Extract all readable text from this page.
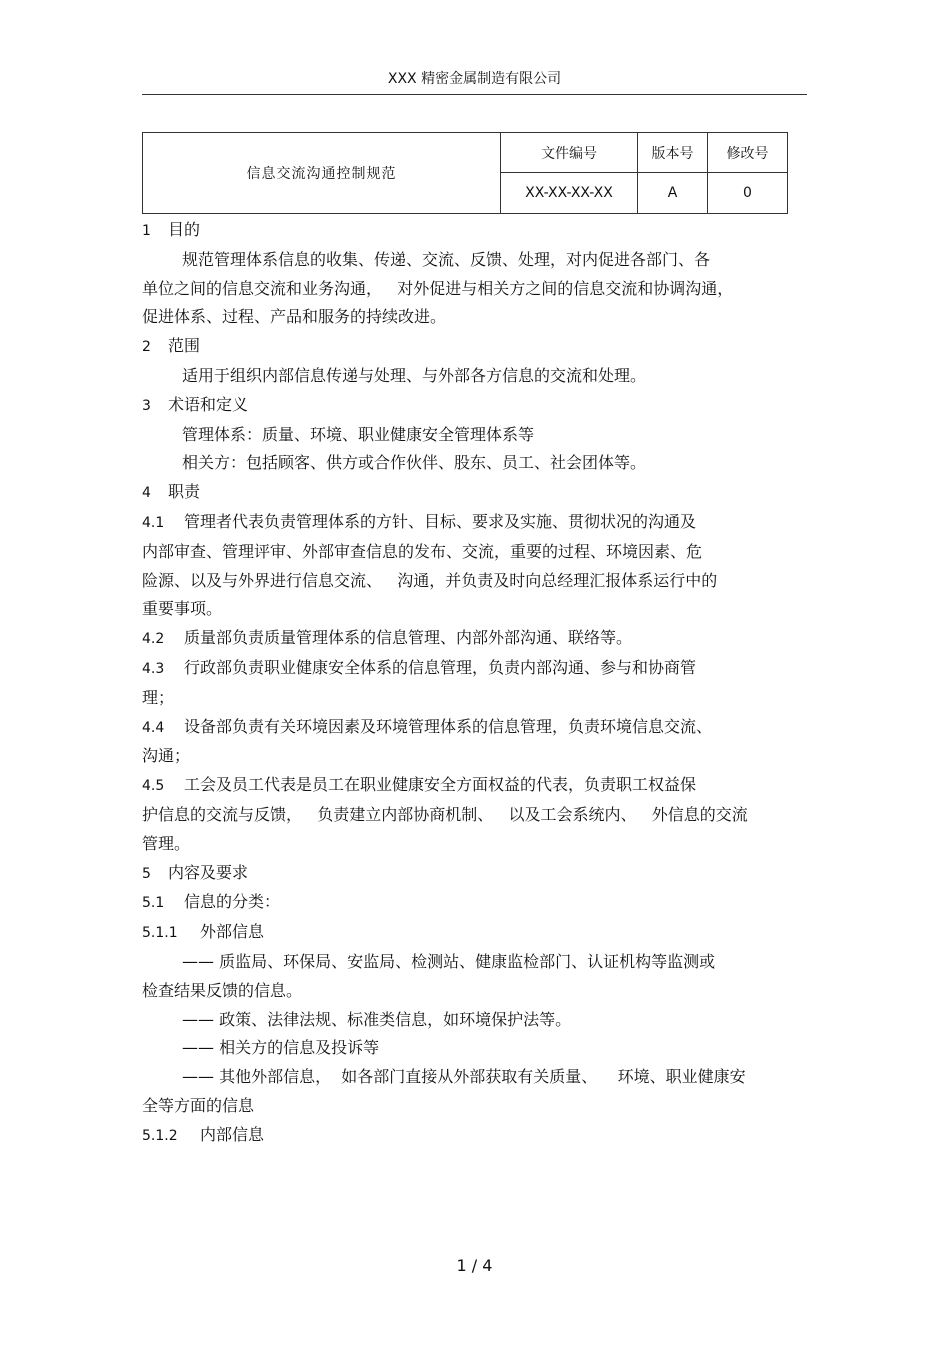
XXX 精密金属制造有限公司
信息交流沟通控制规范	文件编号	版本号	修改号
	XX-XX-XX-XX	A	0
1 目的
规范管理体系信息的收集、传递、交流、反馈、处理，对内促进各部门、各
单位之间的信息交流和业务沟通，   对外促进与相关方之间的信息交流和协调沟通，
促进体系、过程、产品和服务的持续改进。
2 范围
适用于组织内部信息传递与处理、与外部各方信息的交流和处理。
3 术语和定义
管理体系：质量、环境、职业健康安全管理体系等
相关方：包括顾客、供方或合作伙伴、股东、员工、社会团体等。
4 职责
4.1 管理者代表负责管理体系的方针、目标、要求及实施、贯彻状况的沟通及
内部审查、管理评审、外部审查信息的发布、交流，重要的过程、环境因素、危
险源、以及与外界进行信息交流、   沟通，并负责及时向总经理汇报体系运行中的
重要事项。
4.2 质量部负责质量管理体系的信息管理、内部外部沟通、联络等。
4.3 行政部负责职业健康安全体系的信息管理，负责内部沟通、参与和协商管
理；
4.4 设备部负责有关环境因素及环境管理体系的信息管理，负责环境信息交流、
沟通；
4.5 工会及员工代表是员工在职业健康安全方面权益的代表，负责职工权益保
护信息的交流与反馈，   负责建立内部协商机制、   以及工会系统内、   外信息的交流
管理。
5 内容及要求
5.1 信息的分类：
5.1.1 外部信息
—— 质监局、环保局、安监局、检测站、健康监检部门、认证机构等监测或
检查结果反馈的信息。
—— 政策、法律法规、标准类信息，如环境保护法等。
—— 相关方的信息及投诉等
—— 其他外部信息，  如各部门直接从外部获取有关质量、    环境、职业健康安
全等方面的信息
5.1.2 内部信息
1 / 4
